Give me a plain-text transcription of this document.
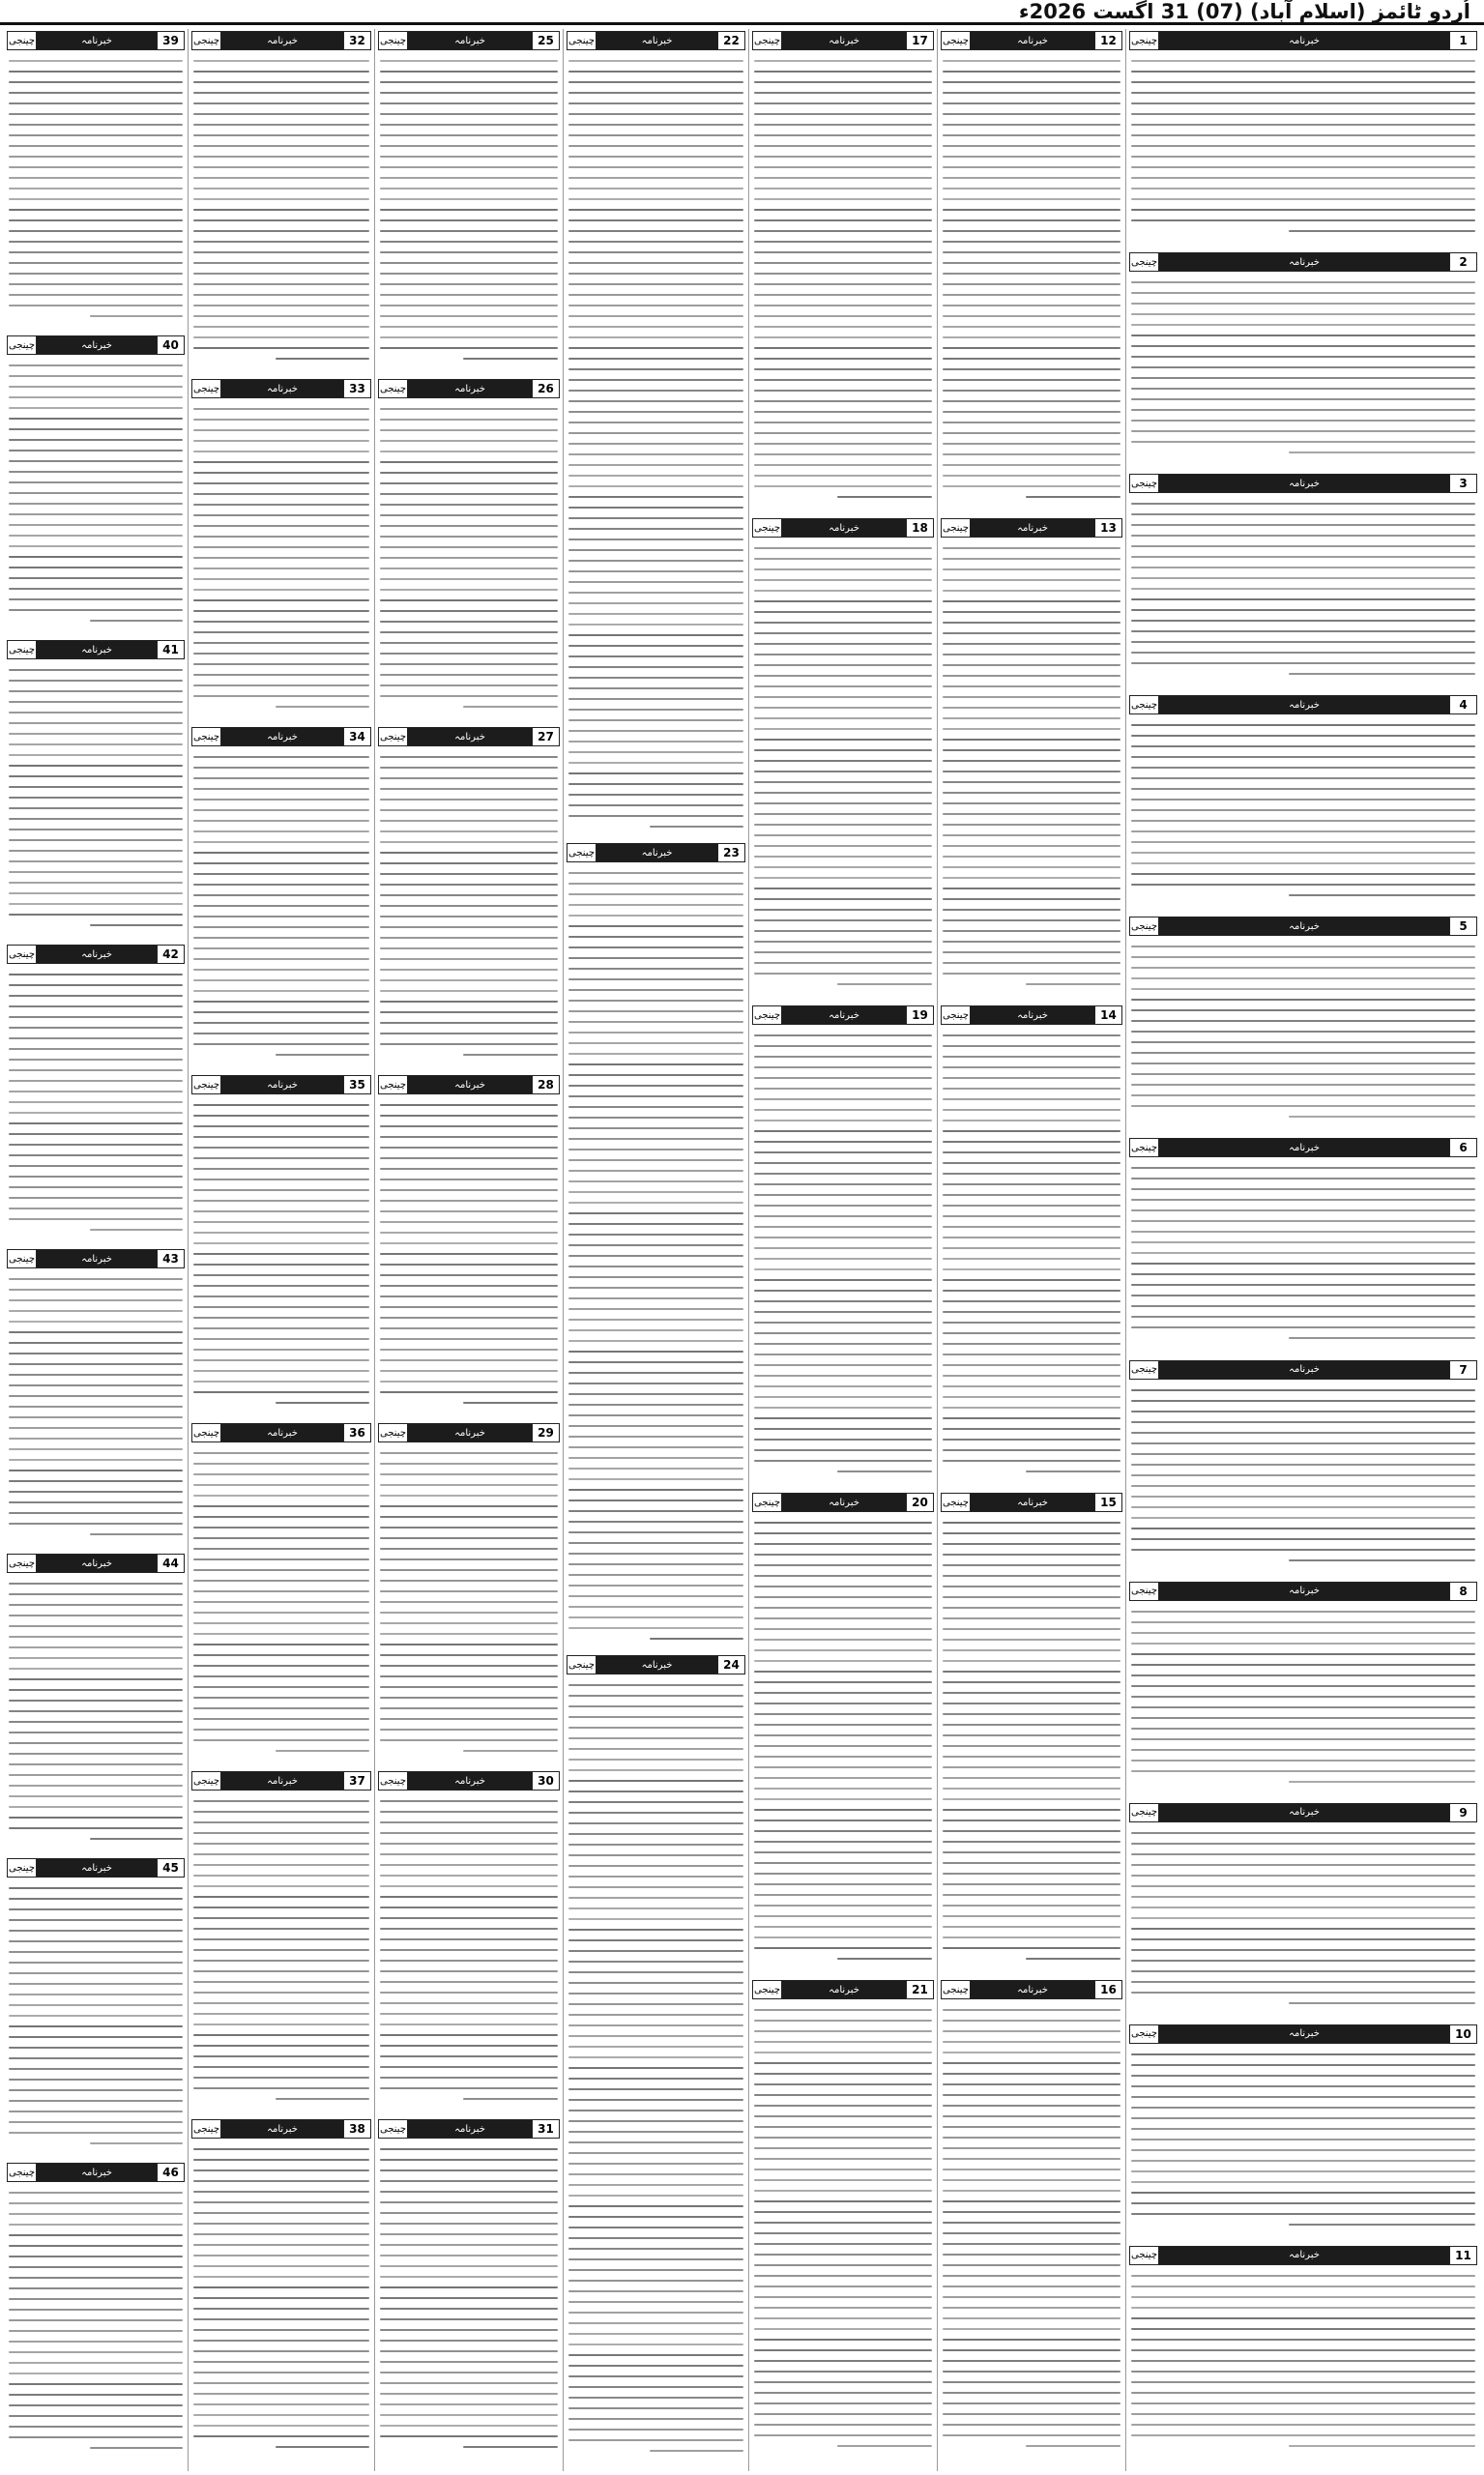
اُردو ٹائمز (اسلام آباد) (07) 31 اگست 2026ء
1
خبرنامہ
چینجی
2
خبرنامہ
چینجی
3
خبرنامہ
چینجی
4
خبرنامہ
چینجی
5
خبرنامہ
چینجی
6
خبرنامہ
چینجی
7
خبرنامہ
چینجی
8
خبرنامہ
چینجی
9
خبرنامہ
چینجی
10
خبرنامہ
چینجی
11
خبرنامہ
چینجی
12
خبرنامہ
چینجی
13
خبرنامہ
چینجی
14
خبرنامہ
چینجی
15
خبرنامہ
چینجی
16
خبرنامہ
چینجی
17
خبرنامہ
چینجی
18
خبرنامہ
چینجی
19
خبرنامہ
چینجی
20
خبرنامہ
چینجی
21
خبرنامہ
چینجی
22
خبرنامہ
چینجی
23
خبرنامہ
چینجی
24
خبرنامہ
چینجی
25
خبرنامہ
چینجی
26
خبرنامہ
چینجی
27
خبرنامہ
چینجی
28
خبرنامہ
چینجی
29
خبرنامہ
چینجی
30
خبرنامہ
چینجی
31
خبرنامہ
چینجی
32
خبرنامہ
چینجی
33
خبرنامہ
چینجی
34
خبرنامہ
چینجی
35
خبرنامہ
چینجی
36
خبرنامہ
چینجی
37
خبرنامہ
چینجی
38
خبرنامہ
چینجی
39
خبرنامہ
چینجی
40
خبرنامہ
چینجی
41
خبرنامہ
چینجی
42
خبرنامہ
چینجی
43
خبرنامہ
چینجی
44
خبرنامہ
چینجی
45
خبرنامہ
چینجی
46
خبرنامہ
چینجی
